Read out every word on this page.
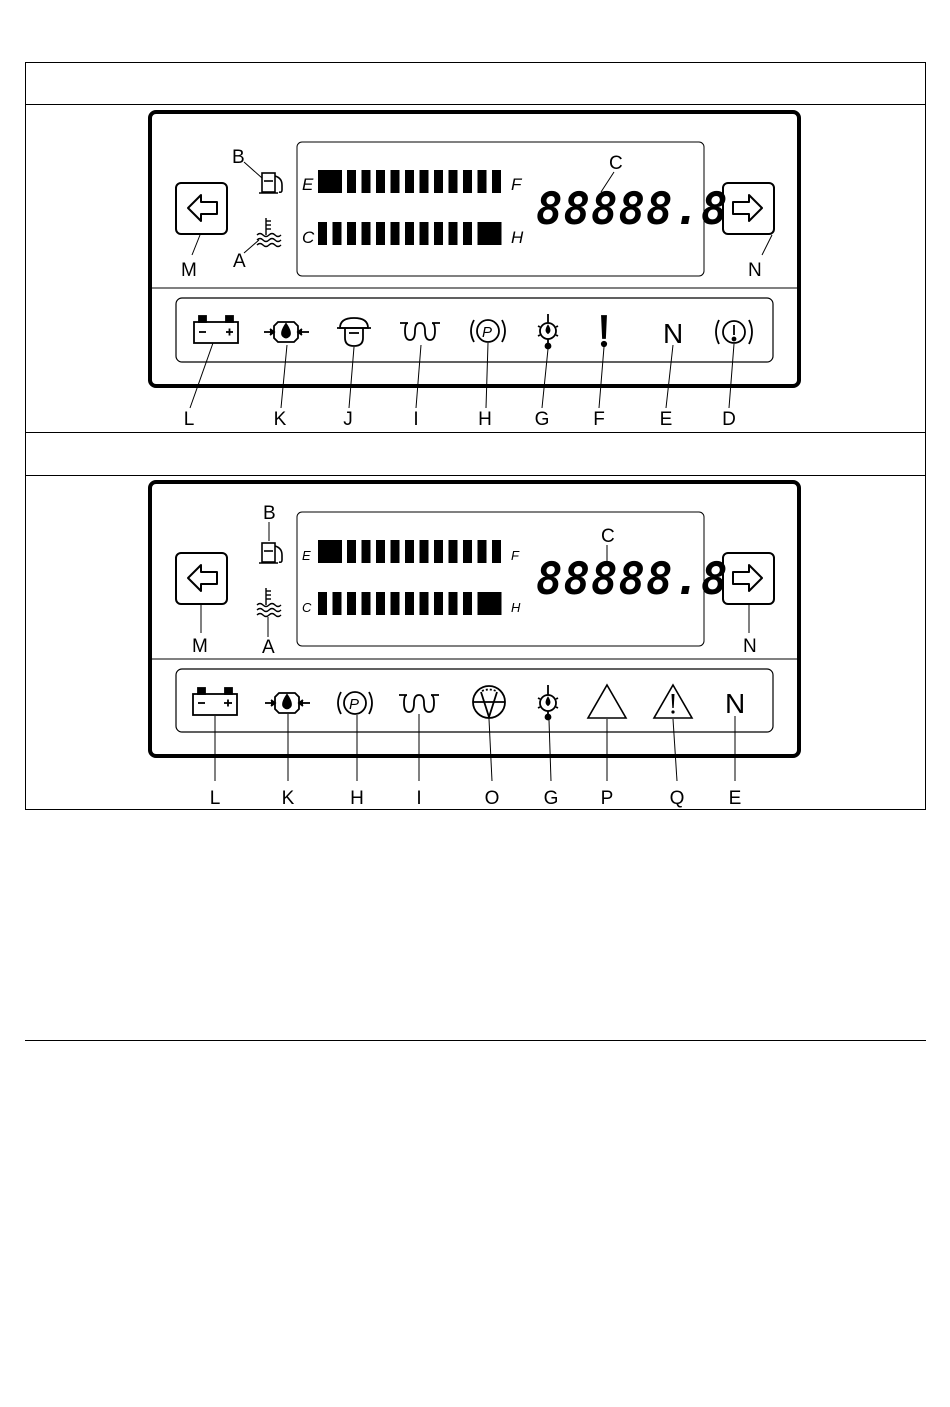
E	F
C	H
88888.8
B
A
C
M	N
P	N
E	F
C	H
88888.8
B
A
C
M	N
P	N
L	K	J	I	H G F	E	D
L	K	H	I	O G P	Q E
